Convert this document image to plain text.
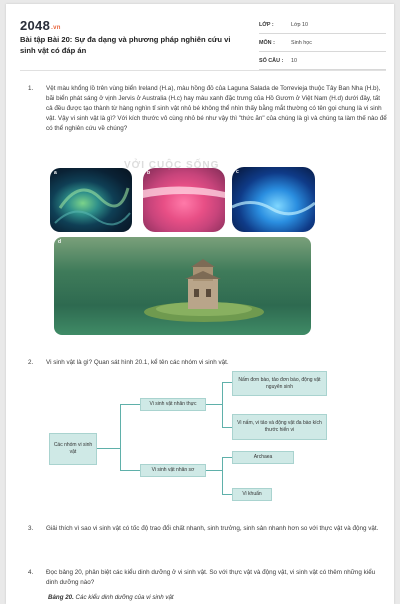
2048.vn
Bài tập Bài 20: Sự đa dạng và phương pháp nghiên cứu vi sinh vật có đáp án
LỚP :	Lớp 10
MÔN :	Sinh học
SỐ CÂU :	10
1. Vệt màu khổng lồ trên vùng biển Ireland (H.a), màu hồng đỏ của Laguna Salada de Torrevieja thuộc Tây Ban Nha (H.b), bãi biển phát sáng ở vịnh Jervis ở Australia (H.c) hay màu xanh đặc trưng của Hồ Gươm ở Việt Nam (H.d) dưới đây, tất cả đều được tạo thành từ hàng nghìn tỉ sinh vật nhỏ bé không thể nhìn thấy bằng mắt thường có tên gọi chung là vi sinh vật. Vậy vi sinh vật là gì? Với kích thước vô cùng nhỏ bé như vậy thì "thức ăn" của chúng là gì và chúng ta làm thế nào để có thể nghiên cứu về chúng?
a	b	c
VỞI CUỘC SỐNG
d
2. Vi sinh vật là gì? Quan sát hình 20.1, kể tên các nhóm vi sinh vật.
Các nhóm vi sinh vật
Vi sinh vật nhân thực
Vi sinh vật nhân sơ
Nấm đơn bào, tảo đơn bào, động vật nguyên sinh
Vi nấm, vi tảo và động vật đa bào kích thước hiển vi
Archaea
Vi khuẩn
3. Giải thích vì sao vi sinh vật có tốc độ trao đổi chất nhanh, sinh trưởng, sinh sản nhanh hơn so với thực vật và động vật.
4. Đọc bảng 20, phân biệt các kiểu dinh dưỡng ở vi sinh vật. So với thực vật và động vật, vi sinh vật có thêm những kiểu dinh dưỡng nào?
Bảng 20. Các kiểu dinh dưỡng của vi sinh vật
